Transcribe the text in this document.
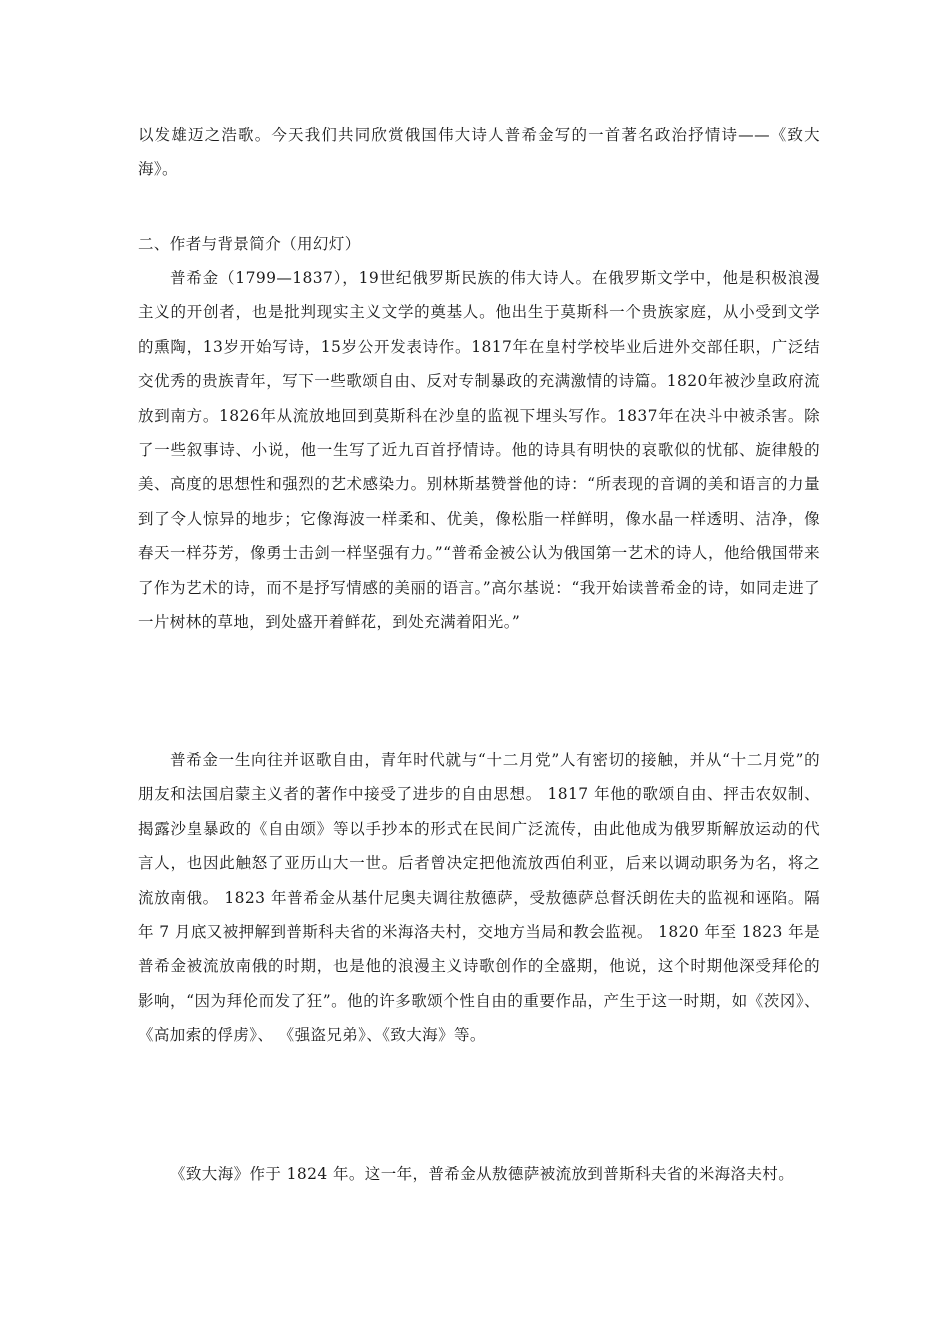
以发雄迈之浩歌。今天我们共同欣赏俄国伟大诗人普希金写的一首著名政治抒情诗——《致大海》。

二、作者与背景简介（用幻灯）

普希金（1799—1837），19世纪俄罗斯民族的伟大诗人。在俄罗斯文学中，他是积极浪漫主义的开创者，也是批判现实主义文学的奠基人。他出生于莫斯科一个贵族家庭，从小受到文学的熏陶，13岁开始写诗，15岁公开发表诗作。1817年在皇村学校毕业后进外交部任职，广泛结交优秀的贵族青年，写下一些歌颂自由、反对专制暴政的充满激情的诗篇。1820年被沙皇政府流放到南方。1826年从流放地回到莫斯科在沙皇的监视下埋头写作。1837年在决斗中被杀害。除了一些叙事诗、小说，他一生写了近九百首抒情诗。他的诗具有明快的哀歌似的忧郁、旋律般的美、高度的思想性和强烈的艺术感染力。别林斯基赞誉他的诗：“所表现的音调的美和语言的力量到了令人惊异的地步；它像海波一样柔和、优美，像松脂一样鲜明，像水晶一样透明、洁净，像春天一样芬芳，像勇士击剑一样坚强有力。”“普希金被公认为俄国第一艺术的诗人，他给俄国带来了作为艺术的诗，而不是抒写情感的美丽的语言。”高尔基说：“我开始读普希金的诗，如同走进了一片树林的草地，到处盛开着鲜花，到处充满着阳光。”

普希金一生向往并讴歌自由，青年时代就与“十二月党”人有密切的接触，并从“十二月党”的朋友和法国启蒙主义者的著作中接受了进步的自由思想。 1817 年他的歌颂自由、抨击农奴制、揭露沙皇暴政的《自由颂》等以手抄本的形式在民间广泛流传，由此他成为俄罗斯解放运动的代言人，也因此触怒了亚历山大一世。后者曾决定把他流放西伯利亚，后来以调动职务为名，将之流放南俄。 1823 年普希金从基什尼奥夫调往敖德萨，受敖德萨总督沃朗佐夫的监视和诬陷。隔年 7 月底又被押解到普斯科夫省的米海洛夫村，交地方当局和教会监视。 1820 年至 1823 年是普希金被流放南俄的时期，也是他的浪漫主义诗歌创作的全盛期，他说，这个时期他深受拜伦的影响，“因为拜伦而发了狂”。他的许多歌颂个性自由的重要作品，产生于这一时期，如《茨冈》、 《高加索的俘虏》、 《强盗兄弟》、《致大海》等。

《致大海》作于 1824 年。这一年，普希金从敖德萨被流放到普斯科夫省的米海洛夫村。
